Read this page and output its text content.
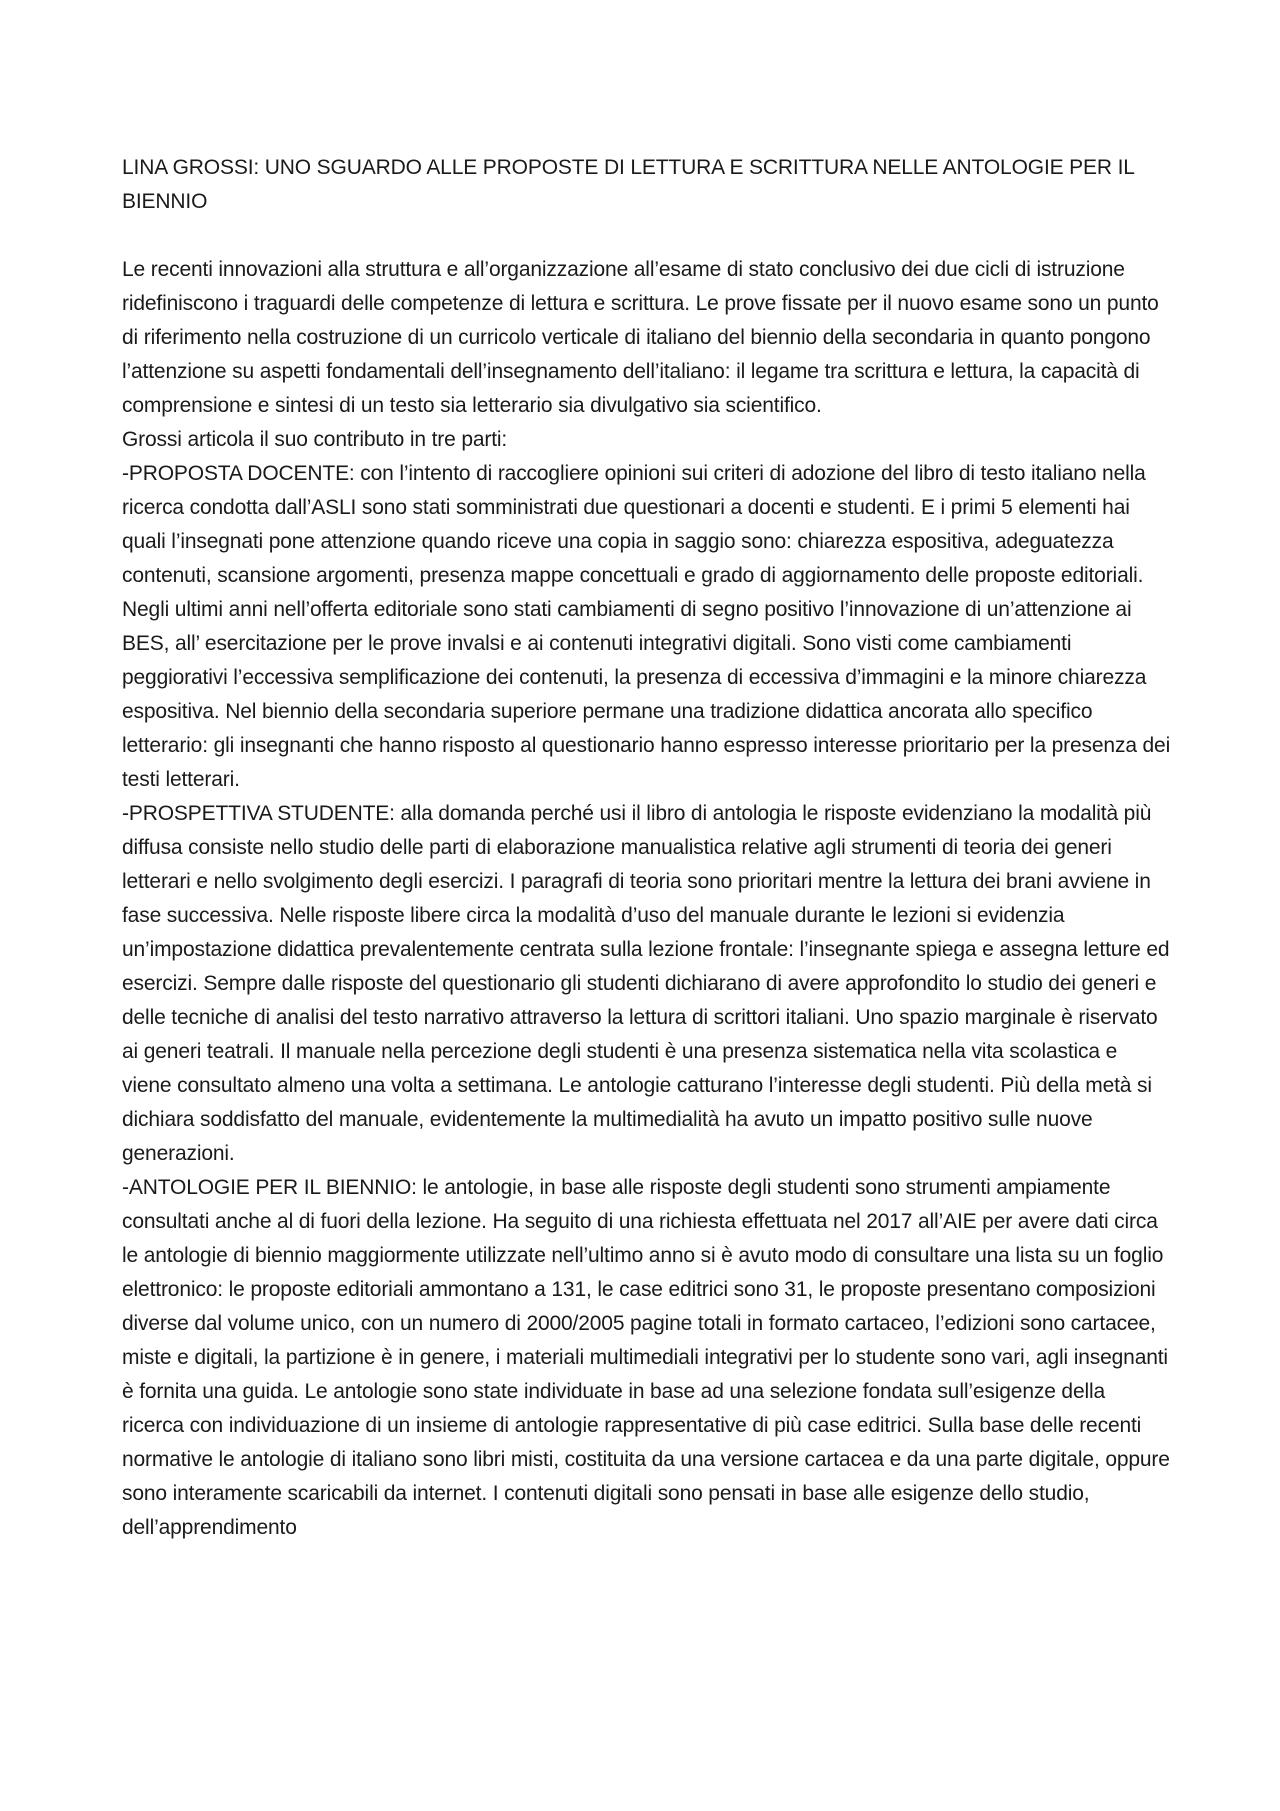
LINA GROSSI: UNO SGUARDO ALLE PROPOSTE DI LETTURA E SCRITTURA NELLE ANTOLOGIE PER IL BIENNIO

Le recenti innovazioni alla struttura e all’organizzazione all’esame di stato conclusivo dei due cicli di istruzione ridefiniscono i traguardi delle competenze di lettura e scrittura. Le prove fissate per il nuovo esame sono un punto di riferimento nella costruzione di un curricolo verticale di italiano del biennio della secondaria in quanto pongono l’attenzione su aspetti fondamentali dell’insegnamento dell’italiano: il legame tra scrittura e lettura, la capacità di comprensione e sintesi di un testo sia letterario sia divulgativo sia scientifico.

Grossi articola il suo contributo in tre parti:

-PROPOSTA DOCENTE: con l’intento di raccogliere opinioni sui criteri di adozione del libro di testo italiano nella ricerca condotta dall’ASLI sono stati somministrati due questionari a docenti e studenti. E i primi 5 elementi hai quali l’insegnati pone attenzione quando riceve una copia in saggio sono: chiarezza espositiva, adeguatezza contenuti, scansione argomenti, presenza mappe concettuali e grado di aggiornamento delle proposte editoriali. Negli ultimi anni nell’offerta editoriale sono stati cambiamenti di segno positivo l’innovazione di un’attenzione ai BES, all’ esercitazione per le prove invalsi e ai contenuti integrativi digitali. Sono visti come cambiamenti peggiorativi l’eccessiva semplificazione dei contenuti, la presenza di eccessiva d’immagini e la minore chiarezza espositiva. Nel biennio della secondaria superiore permane una tradizione didattica ancorata allo specifico letterario: gli insegnanti che hanno risposto al questionario hanno espresso interesse prioritario per la presenza dei testi letterari.

-PROSPETTIVA STUDENTE: alla domanda perché usi il libro di antologia le risposte evidenziano la modalità più diffusa consiste nello studio delle parti di elaborazione manualistica relative agli strumenti di teoria dei generi letterari e nello svolgimento degli esercizi. I paragrafi di teoria sono prioritari mentre la lettura dei brani avviene in fase successiva. Nelle risposte libere circa la modalità d’uso del manuale durante le lezioni si evidenzia un’impostazione didattica prevalentemente centrata sulla lezione frontale: l’insegnante spiega e assegna letture ed esercizi. Sempre dalle risposte del questionario gli studenti dichiarano di avere approfondito lo studio dei generi e delle tecniche di analisi del testo narrativo attraverso la lettura di scrittori italiani. Uno spazio marginale è riservato ai generi teatrali. Il manuale nella percezione degli studenti è una presenza sistematica nella vita scolastica e viene consultato almeno una volta a settimana. Le antologie catturano l’interesse degli studenti. Più della metà si dichiara soddisfatto del manuale, evidentemente la multimedialità ha avuto un impatto positivo sulle nuove generazioni.

-ANTOLOGIE PER IL BIENNIO: le antologie, in base alle risposte degli studenti sono strumenti ampiamente consultati anche al di fuori della lezione. Ha seguito di una richiesta effettuata nel 2017 all’AIE per avere dati circa le antologie di biennio maggiormente utilizzate nell’ultimo anno si è avuto modo di consultare una lista su un foglio elettronico: le proposte editoriali ammontano a 131, le case editrici sono 31, le proposte presentano composizioni diverse dal volume unico, con un numero di 2000/2005 pagine totali in formato cartaceo, l’edizioni sono cartacee, miste e digitali, la partizione è in genere, i materiali multimediali integrativi per lo studente sono vari, agli insegnanti è fornita una guida. Le antologie sono state individuate in base ad una selezione fondata sull’esigenze della ricerca con individuazione di un insieme di antologie rappresentative di più case editrici. Sulla base delle recenti normative le antologie di italiano sono libri misti, costituita da una versione cartacea e da una parte digitale, oppure sono interamente scaricabili da internet. I contenuti digitali sono pensati in base alle esigenze dello studio, dell’apprendimento
